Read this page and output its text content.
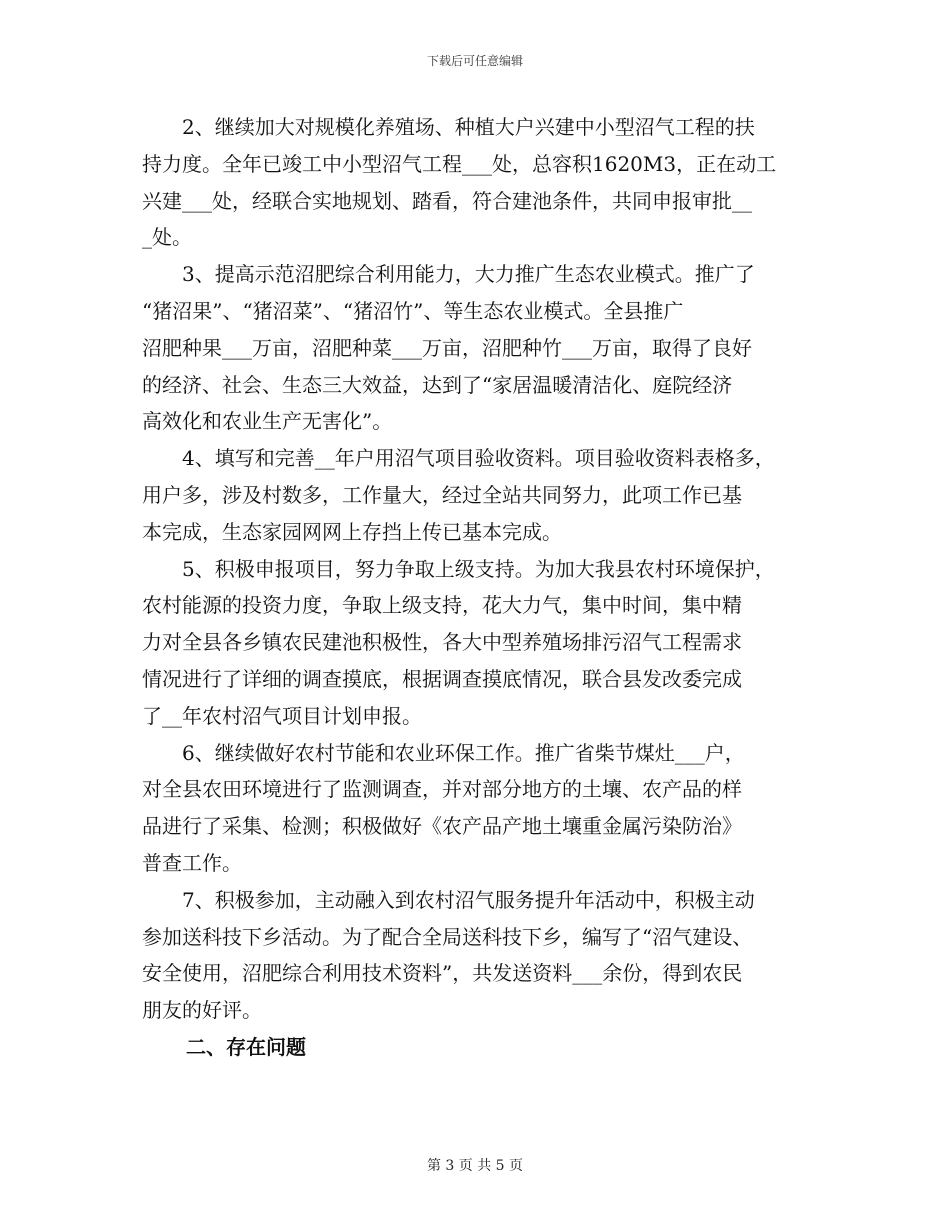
下载后可任意编辑
2、继续加大对规模化养殖场、种植大户兴建中小型沼气工程的扶
持力度。全年已竣工中小型沼气工程___处，总容积1620M3，正在动工
兴建___处，经联合实地规划、踏看，符合建池条件，共同申报审批__
_处。
3、提高示范沼肥综合利用能力，大力推广生态农业模式。推广了
“猪沼果”、“猪沼菜”、“猪沼竹”、等生态农业模式。全县推广
沼肥种果___万亩，沼肥种菜___万亩，沼肥种竹___万亩，取得了良好
的经济、社会、生态三大效益，达到了“家居温暖清洁化、庭院经济
高效化和农业生产无害化”。
4、填写和完善__年户用沼气项目验收资料。项目验收资料表格多，
用户多，涉及村数多，工作量大，经过全站共同努力，此项工作已基
本完成，生态家园网网上存挡上传已基本完成。
5、积极申报项目，努力争取上级支持。为加大我县农村环境保护，
农村能源的投资力度，争取上级支持，花大力气，集中时间，集中精
力对全县各乡镇农民建池积极性，各大中型养殖场排污沼气工程需求
情况进行了详细的调查摸底，根据调查摸底情况，联合县发改委完成
了__年农村沼气项目计划申报。
6、继续做好农村节能和农业环保工作。推广省柴节煤灶___户，
对全县农田环境进行了监测调查，并对部分地方的土壤、农产品的样
品进行了采集、检测；积极做好《农产品产地土壤重金属污染防治》
普查工作。
7、积极参加，主动融入到农村沼气服务提升年活动中，积极主动
参加送科技下乡活动。为了配合全局送科技下乡，编写了“沼气建设、
安全使用，沼肥综合利用技术资料”，共发送资料___余份，得到农民
朋友的好评。
二、存在问题
第 3 页 共 5 页
